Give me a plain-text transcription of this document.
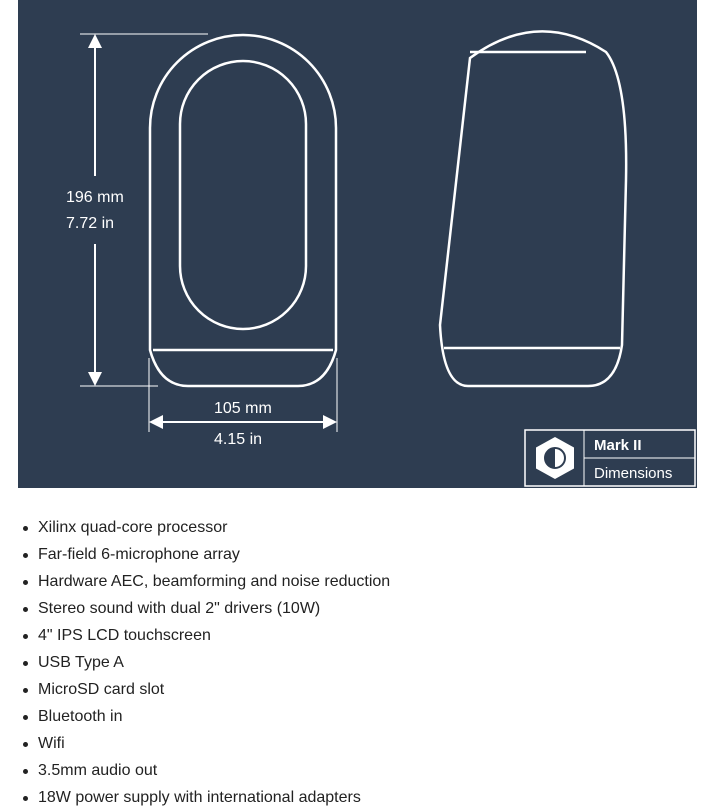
196 mm
7.72 in
105 mm
4.15 in	Mark II
Dimensions
Xilinx quad-core processor
Far-field 6-microphone array
Hardware AEC, beamforming and noise reduction
Stereo sound with dual 2" drivers (10W)
4" IPS LCD touchscreen
USB Type A
MicroSD card slot
Bluetooth in
Wifi
3.5mm audio out
18W power supply with international adapters
